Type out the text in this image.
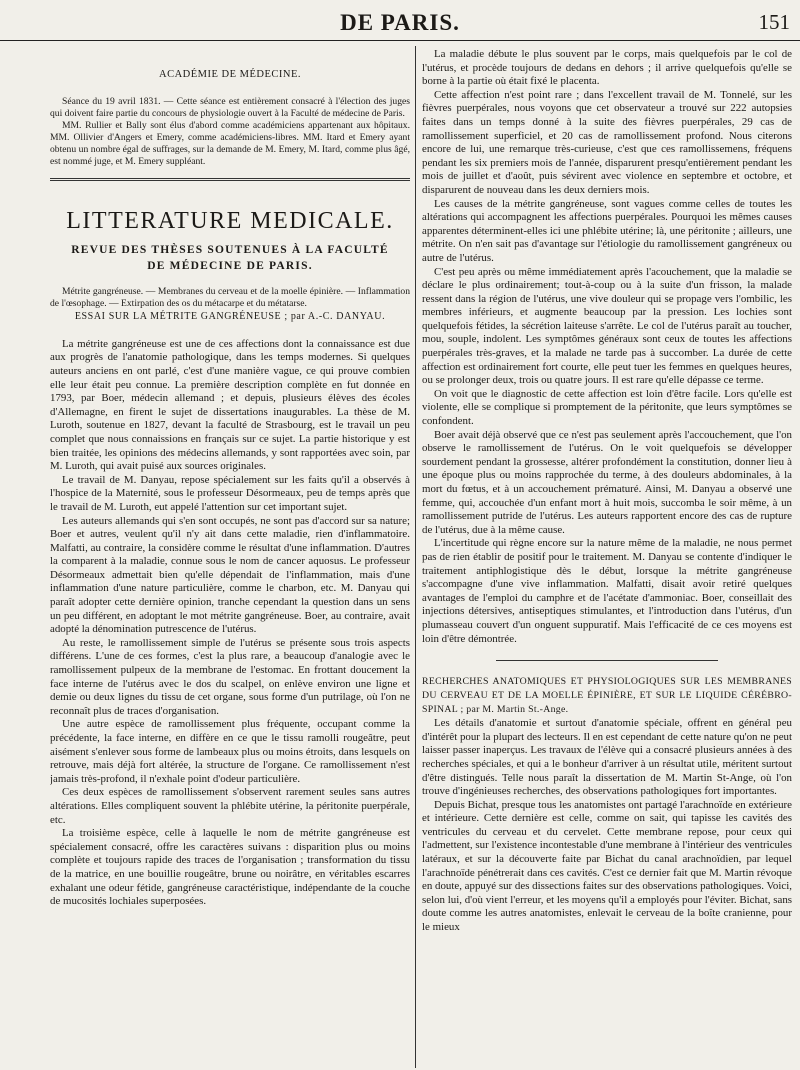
DE PARIS.	151
ACADÉMIE DE MÉDECINE.

Séance du 19 avril 1831. — Cette séance est entièrement consacré à l'élection des juges qui doivent faire partie du concours de physiologie ouvert à la Faculté de médecine de Paris.

MM. Rullier et Bally sont élus d'abord comme académiciens appartenant aux hôpitaux. MM. Ollivier d'Angers et Emery, comme académiciens-libres. MM. Itard et Emery ayant obtenu un nombre égal de suffrages, sur la demande de M. Emery, M. Itard, comme plus âgé, est nommé juge, et M. Emery suppléant.

LITTERATURE MEDICALE.
REVUE DES THÈSES SOUTENUES À LA FACULTÉ
DE MÉDECINE DE PARIS.

Métrite gangréneuse. — Membranes du cerveau et de la moelle épinière. — Inflammation de l'œsophage. — Extirpation des os du métacarpe et du métatarse.

ESSAI SUR LA MÉTRITE GANGRÉNEUSE ; par A.-C. DANYAU.

La métrite gangréneuse est une de ces affections dont la connaissance est due aux progrès de l'anatomie pathologique, dans les temps modernes. Si quelques auteurs anciens en ont parlé, c'est d'une manière vague, ce qui prouve combien elle leur était peu connue. La première description complète en fut donnée en 1793, par Boer, médecin allemand ; et depuis, plusieurs élèves des écoles d'Allemagne, en firent le sujet de dissertations inaugurables. La thèse de M. Luroth, soutenue en 1827, devant la faculté de Strasbourg, est le travail un peu complet que nous connaissions en français sur ce sujet. La partie historique y est bien traitée, les opinions des médecins allemands, y sont rapportées avec soin, par M. Luroth, qui avait puisé aux sources originales.

Le travail de M. Danyau, repose spécialement sur les faits qu'il a observés à l'hospice de la Maternité, sous le professeur Désormeaux, peu de temps après que le travail de M. Luroth, eut appelé l'attention sur cet important sujet.

Les auteurs allemands qui s'en sont occupés, ne sont pas d'accord sur sa nature; Boer et autres, veulent qu'il n'y ait dans cette maladie, rien d'inflammatoire. Malfatti, au contraire, la considère comme le résultat d'une inflammation. D'autres la comparent à la maladie, connue sous le nom de cancer aquosus. Le professeur Désormeaux admettait bien qu'elle dépendait de l'inflammation, mais d'une inflammation d'une nature particulière, comme le charbon, etc. M. Danyau qui paraît adopter cette dernière opinion, tranche cependant la question dans un sens un peu différent, en adoptant le mot métrite gangréneuse. Boer, au contraire, avait adopté la dénomination putrescence de l'utérus.

Au reste, le ramollissement simple de l'utérus se présente sous trois aspects différens. L'une de ces formes, c'est la plus rare, a beaucoup d'analogie avec le ramollissement pulpeux de la membrane de l'estomac. En frottant doucement la face interne de l'utérus avec le dos du scalpel, on enlève environ une ligne et demie ou deux lignes du tissu de cet organe, sous forme d'un putrilage, où l'on ne reconnaît plus de traces d'organisation.

Une autre espèce de ramollissement plus fréquente, occupant comme la précédente, la face interne, en diffère en ce que le tissu ramolli rougeâtre, peut aisément s'enlever sous forme de lambeaux plus ou moins étroits, dans lesquels on retrouve, mais déjà fort altérée, la structure de l'organe. Ce ramollissement n'est jamais très-profond, il n'exhale point d'odeur particulière.

Ces deux espèces de ramollissement s'observent rarement seules sans autres altérations. Elles compliquent souvent la phlébite utérine, la péritonite puerpérale, etc.

La troisième espèce, celle à laquelle le nom de métrite gangréneuse est spécialement consacré, offre les caractères suivans : disparition plus ou moins complète et toujours rapide des traces de l'organisation ; transformation du tissu de la matrice, en une bouillie rougeâtre, brune ou noirâtre, en véritables escarres exhalant une odeur fétide, gangréneuse caractéristique, indépendante de la couche de mucosités lochiales superposées.

La maladie débute le plus souvent par le corps, mais quelquefois par le col de l'utérus, et procède toujours de dedans en dehors ; il arrive quelquefois qu'elle se borne à la partie où était fixé le placenta.

Cette affection n'est point rare ; dans l'excellent travail de M. Tonnelé, sur les fièvres puerpérales, nous voyons que cet observateur a trouvé sur 222 autopsies faites dans un temps donné à la suite des fièvres puerpérales, 29 cas de ramollissement superficiel, et 20 cas de ramollissement profond. Nous citerons encore de lui, une remarque très-curieuse, c'est que ces ramollissemens, fréquens pendant les six premiers mois de l'année, disparurent presqu'entièrement pendant les mois de juillet et d'août, puis sévirent avec violence en septembre et octobre, et disparurent de nouveau dans les deux derniers mois.

Les causes de la métrite gangréneuse, sont vagues comme celles de toutes les altérations qui accompagnent les affections puerpérales. Pourquoi les mêmes causes apparentes déterminent-elles ici une phlébite utérine; là, une péritonite ; ailleurs, une métrite. On n'en sait pas d'avantage sur l'étiologie du ramollissement gangréneux ou autre de l'utérus.

C'est peu après ou même immédiatement après l'acouchement, que la maladie se déclare le plus ordinairement; tout-à-coup ou à la suite d'un frisson, la malade ressent dans la région de l'utérus, une vive douleur qui se propage vers l'ombilic, les membres inférieurs, et augmente beaucoup par la pression. Les lochies sont quelquefois fétides, la sécrétion laiteuse s'arrête. Le col de l'utérus paraît au toucher, mou, souple, indolent. Les symptômes généraux sont ceux de toutes les affections puerpérales très-graves, et la malade ne tarde pas à succomber. La durée de cette affection est ordinairement fort courte, elle peut tuer les femmes en quelques heures, ou se prolonger deux, trois ou quatre jours. Il est rare qu'elle dépasse ce terme.

On voit que le diagnostic de cette affection est loin d'être facile. Lors qu'elle est violente, elle se complique si promptement de la péritonite, que leurs symptômes se confondent.

Boer avait déjà observé que ce n'est pas seulement après l'accouchement, que l'on observe le ramollissement de l'utérus. On le voit quelquefois se développer sourdement pendant la grossesse, altérer profondément la constitution, donner lieu à une époque plus ou moins rapprochée du terme, à des douleurs abdominales, à la mort du fœtus, et à un accouchement prématuré. Ainsi, M. Danyau a observé une femme, qui, accouchée d'un enfant mort à huit mois, succomba le soir même, à un ramollissement putride de l'utérus. Les auteurs rapportent encore des cas de rupture de l'utérus, due à la même cause.

L'incertitude qui règne encore sur la nature même de la maladie, ne nous permet pas de rien établir de positif pour le traitement. M. Danyau se contente d'indiquer le traitement antiphlogistique dès le début, lorsque la métrite gangréneuse s'accompagne d'une vive inflammation. Malfatti, disait avoir retiré quelques avantages de l'emploi du camphre et de l'acétate d'ammoniac. Boer, conseillait des injections détersives, antiseptiques stimulantes, et l'introduction dans l'utérus, d'un plumasseau couvert d'un onguent suppuratif. Mais l'efficacité de ce ces moyens est loin d'être démontrée.

RECHERCHES ANATOMIQUES ET PHYSIOLOGIQUES SUR LES MEMBRANES DU CERVEAU ET DE LA MOELLE ÉPINIÈRE, ET SUR LE LIQUIDE CÉRÉBRO-SPINAL ; par M. Martin St.-Ange.

Les détails d'anatomie et surtout d'anatomie spéciale, offrent en général peu d'intérêt pour la plupart des lecteurs. Il en est cependant de cette nature qu'on ne peut laisser passer inaperçus. Les travaux de l'élève qui a consacré plusieurs années à des recherches spéciales, et qui a le bonheur d'arriver à un résultat utile, méritent surtout d'être distingués. Telle nous paraît la dissertation de M. Martin St-Ange, où l'on trouve d'ingénieuses recherches, des observations pathologiques fort importantes.

Depuis Bichat, presque tous les anatomistes ont partagé l'arachnoïde en extérieure et intérieure. Cette dernière est celle, comme on sait, qui tapisse les cavités des ventricules du cerveau et du cervelet. Cette membrane repose, pour ceux qui l'admettent, sur l'existence incontestable d'une membrane à l'intérieur des ventricules latéraux, et sur la découverte faite par Bichat du canal arachnoïdien, par lequel l'arachnoïde pénétrerait dans ces cavités. C'est ce dernier fait que M. Martin révoque en doute, appuyé sur des dissections faites sur des observations pathologiques. Voici, selon lui, d'où vient l'erreur, et les moyens qu'il a employés pour l'éviter. Bichat, sans doute comme les autres anatomistes, enlevait le cerveau de la boîte cranienne, pour le mieux
